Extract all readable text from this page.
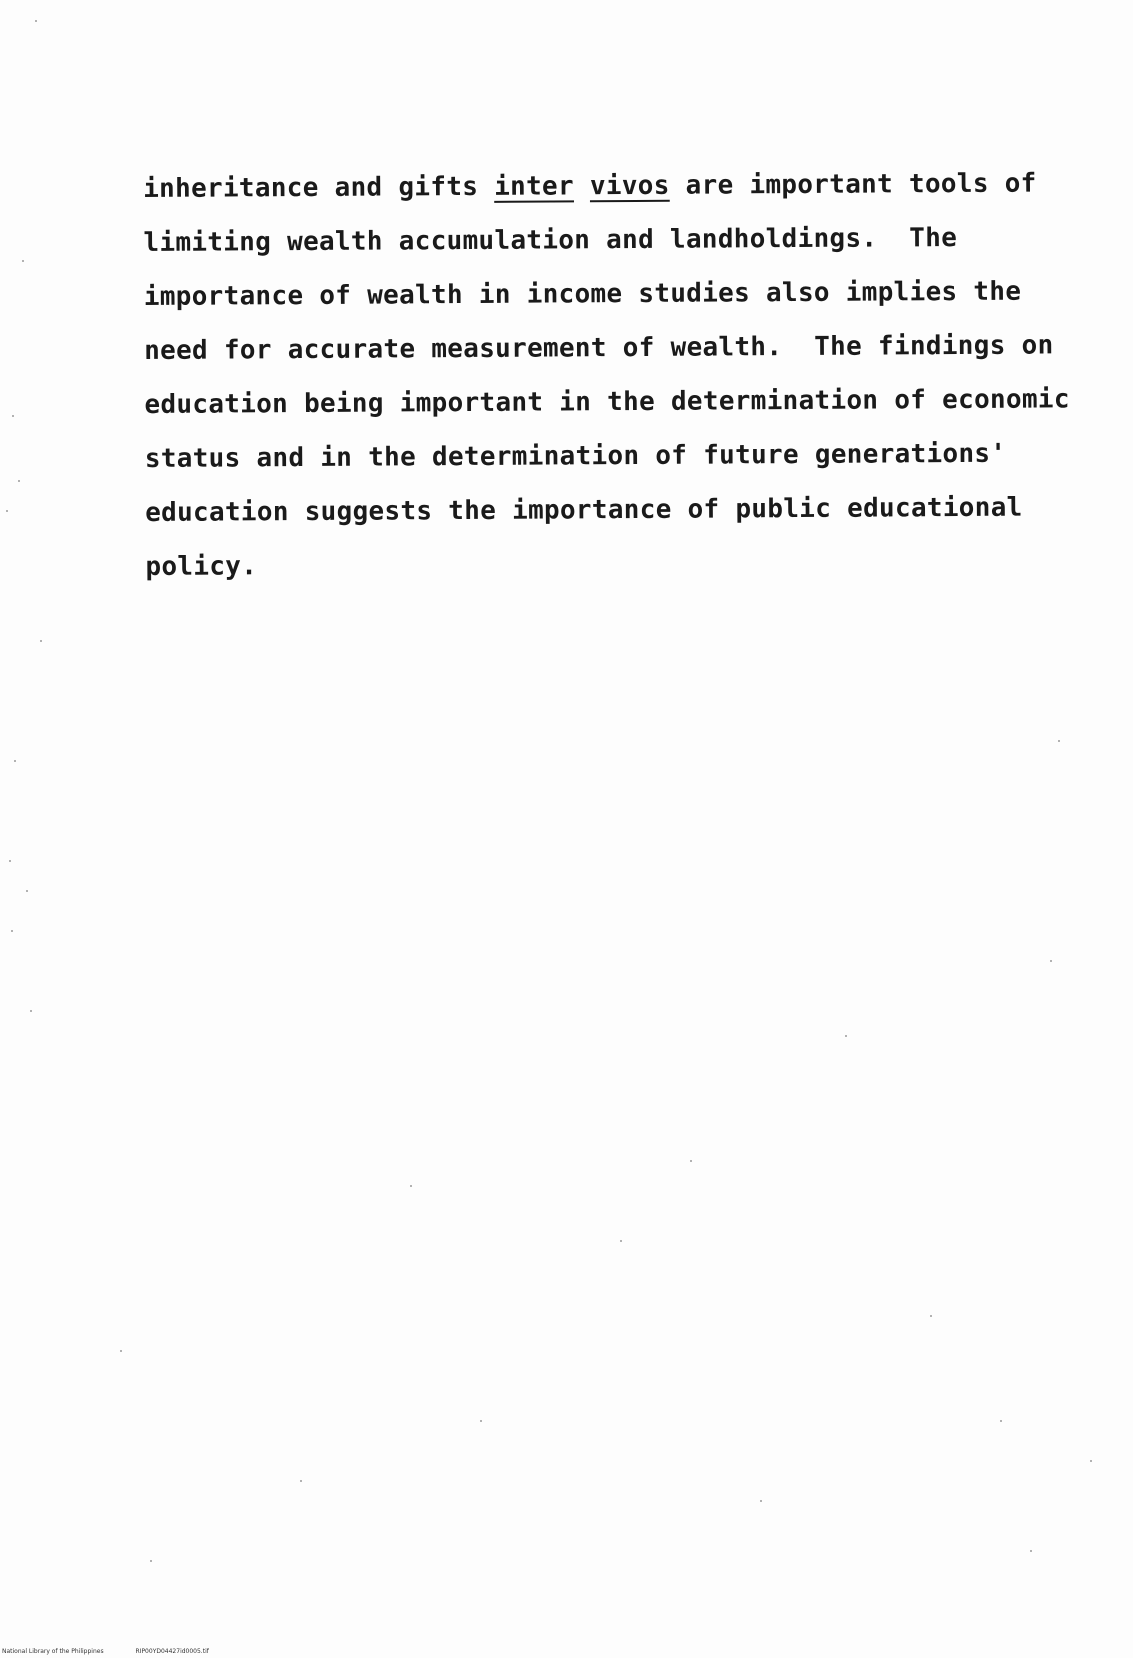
inheritance and gifts inter vivos are important tools of
limiting wealth accumulation and landholdings.  The
importance of wealth in income studies also implies the
need for accurate measurement of wealth.  The findings on
education being important in the determination of economic
status and in the determination of future generations'
education suggests the importance of public educational
policy.
National Library of the Philippines	RIP00YD04427id0005.tif
